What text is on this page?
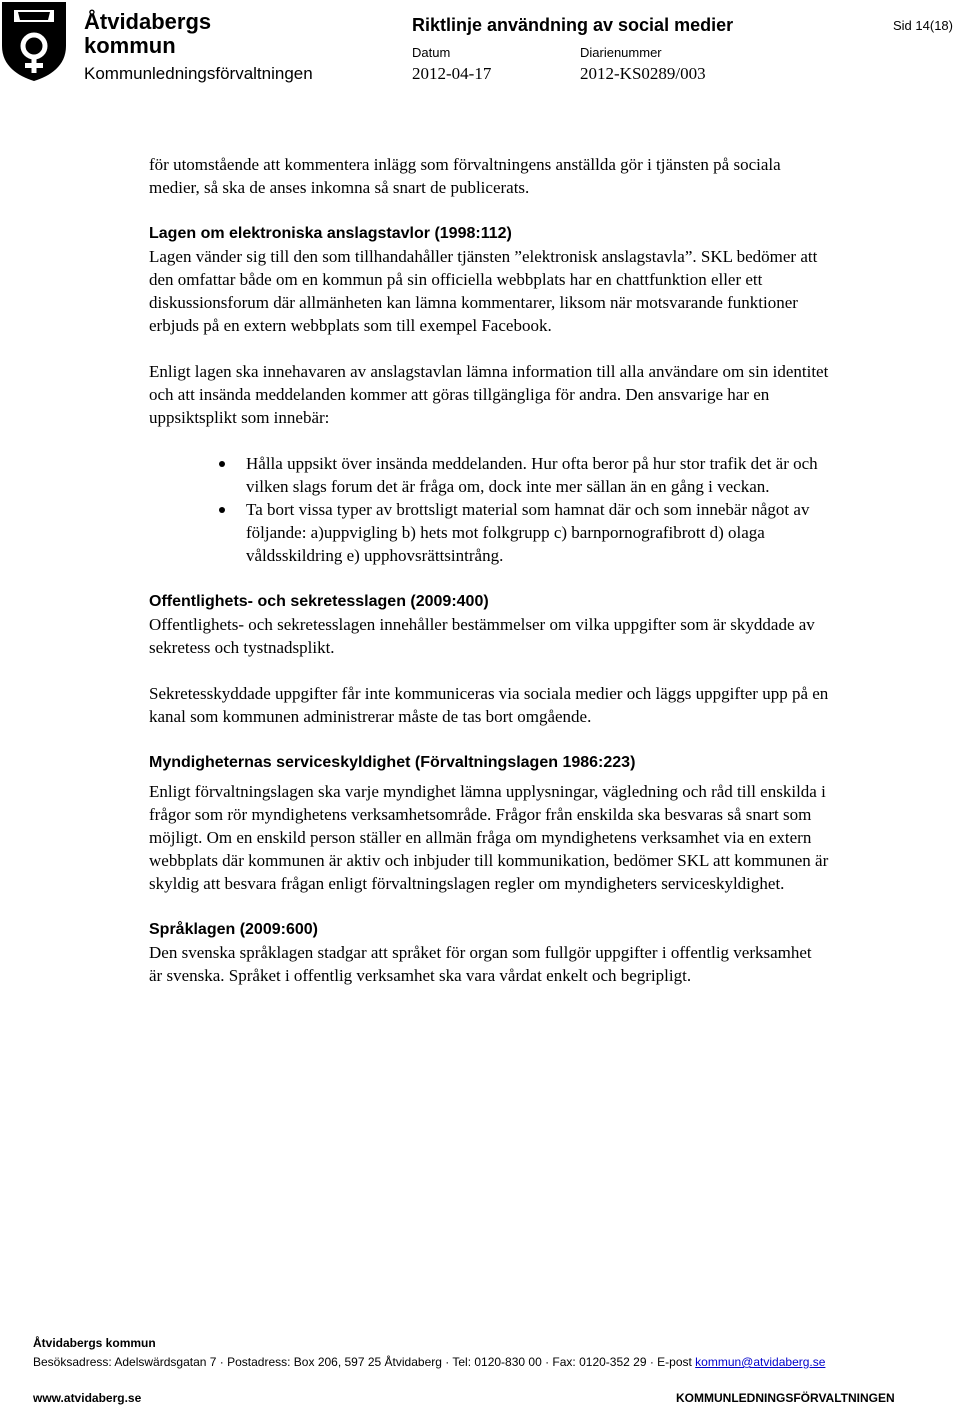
Åtvidabergs
kommun
Kommunledningsförvaltningen
Riktlinje användning av social medier	Sid 14(18)
Datum
2012-04-17
Diarienummer
2012-KS0289/003

för utomstående att kommentera inlägg som förvaltningens anställda gör i tjänsten på sociala medier, så ska de anses inkomna så snart de publicerats.

Lagen om elektroniska anslagstavlor (1998:112)

Lagen vänder sig till den som tillhandahåller tjänsten ”elektronisk anslagstavla”. SKL bedömer att den omfattar både om en kommun på sin officiella webbplats har en chattfunktion eller ett diskussionsforum där allmänheten kan lämna kommentarer, liksom när motsvarande funktioner erbjuds på en extern webbplats som till exempel Facebook.

Enligt lagen ska innehavaren av anslagstavlan lämna information till alla användare om sin identitet och att insända meddelanden kommer att göras tillgängliga för andra. Den ansvarige har en uppsiktsplikt som innebär:

Hålla uppsikt över insända meddelanden. Hur ofta beror på hur stor trafik det är och vilken slags forum det är fråga om, dock inte mer sällan än en gång i veckan.
Ta bort vissa typer av brottsligt material som hamnat där och som innebär något av följande: a)uppvigling b) hets mot folkgrupp c) barnpornografibrott d) olaga våldsskildring e) upphovsrättsintrång.
Offentlighets- och sekretesslagen (2009:400)

Offentlighets- och sekretesslagen innehåller bestämmelser om vilka uppgifter som är skyddade av sekretess och tystnadsplikt.

Sekretesskyddade uppgifter får inte kommuniceras via sociala medier och läggs uppgifter upp på en kanal som kommunen administrerar måste de tas bort omgående.

Myndigheternas serviceskyldighet (Förvaltningslagen 1986:223)

Enligt förvaltningslagen ska varje myndighet lämna upplysningar, vägledning och råd till enskilda i frågor som rör myndighetens verksamhetsområde. Frågor från enskilda ska besvaras så snart som möjligt. Om en enskild person ställer en allmän fråga om myndighetens verksamhet via en extern webbplats där kommunen är aktiv och inbjuder till kommunikation, bedömer SKL att kommunen är skyldig att besvara frågan enligt förvaltningslagen regler om myndigheters serviceskyldighet.

Språklagen (2009:600)

Den svenska språklagen stadgar att språket för organ som fullgör uppgifter i offentlig verksamhet är svenska. Språket i offentlig verksamhet ska vara vårdat enkelt och begripligt.

Åtvidabergs kommun
Besöksadress: Adelswärdsgatan 7 · Postadress: Box 206, 597 25 Åtvidaberg · Tel: 0120-830 00 · Fax: 0120-352 29 · E-post kommun@atvidaberg.se
www.atvidaberg.se	KOMMUNLEDNINGSFÖRVALTNINGEN
